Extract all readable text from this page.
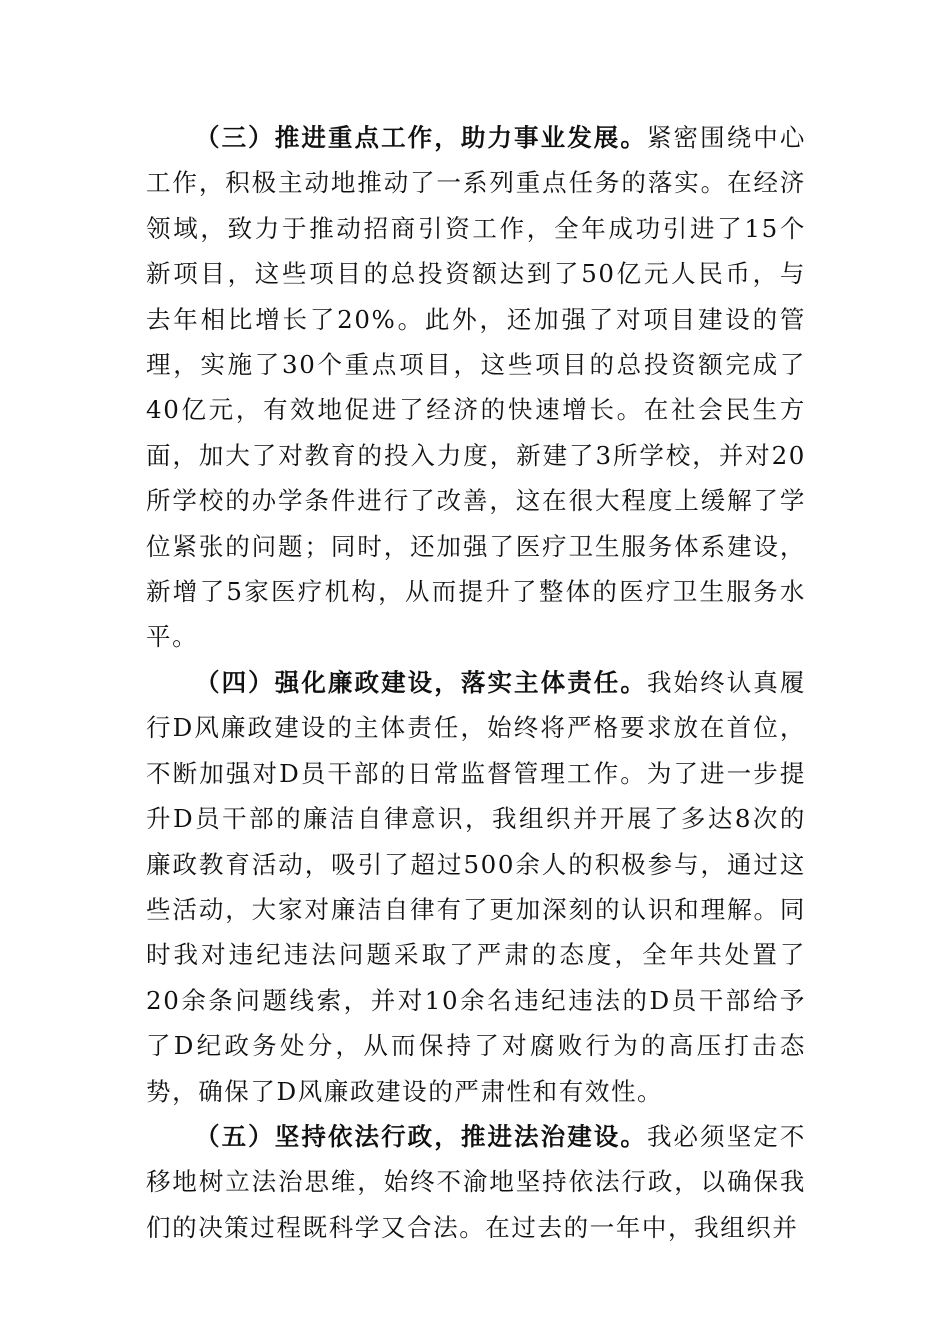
（三）推进重点工作，助力事业发展。紧密围绕中心工作，积极主动地推动了一系列重点任务的落实。在经济领域，致力于推动招商引资工作，全年成功引进了15个新项目，这些项目的总投资额达到了50亿元人民币，与去年相比增长了20%。此外，还加强了对项目建设的管理，实施了30个重点项目，这些项目的总投资额完成了40亿元，有效地促进了经济的快速增长。在社会民生方面，加大了对教育的投入力度，新建了3所学校，并对20所学校的办学条件进行了改善，这在很大程度上缓解了学位紧张的问题；同时，还加强了医疗卫生服务体系建设，新增了5家医疗机构，从而提升了整体的医疗卫生服务水平。

（四）强化廉政建设，落实主体责任。我始终认真履行D风廉政建设的主体责任，始终将严格要求放在首位，不断加强对D员干部的日常监督管理工作。为了进一步提升D员干部的廉洁自律意识，我组织并开展了多达8次的廉政教育活动，吸引了超过500余人的积极参与，通过这些活动，大家对廉洁自律有了更加深刻的认识和理解。同时我对违纪违法问题采取了严肃的态度，全年共处置了20余条问题线索，并对10余名违纪违法的D员干部给予了D纪政务处分，从而保持了对腐败行为的高压打击态势，确保了D风廉政建设的严肃性和有效性。

（五）坚持依法行政，推进法治建设。我必须坚定不移地树立法治思维，始终不渝地坚持依法行政，以确保我们的决策过程既科学又合法。在过去的一年中，我组织并
